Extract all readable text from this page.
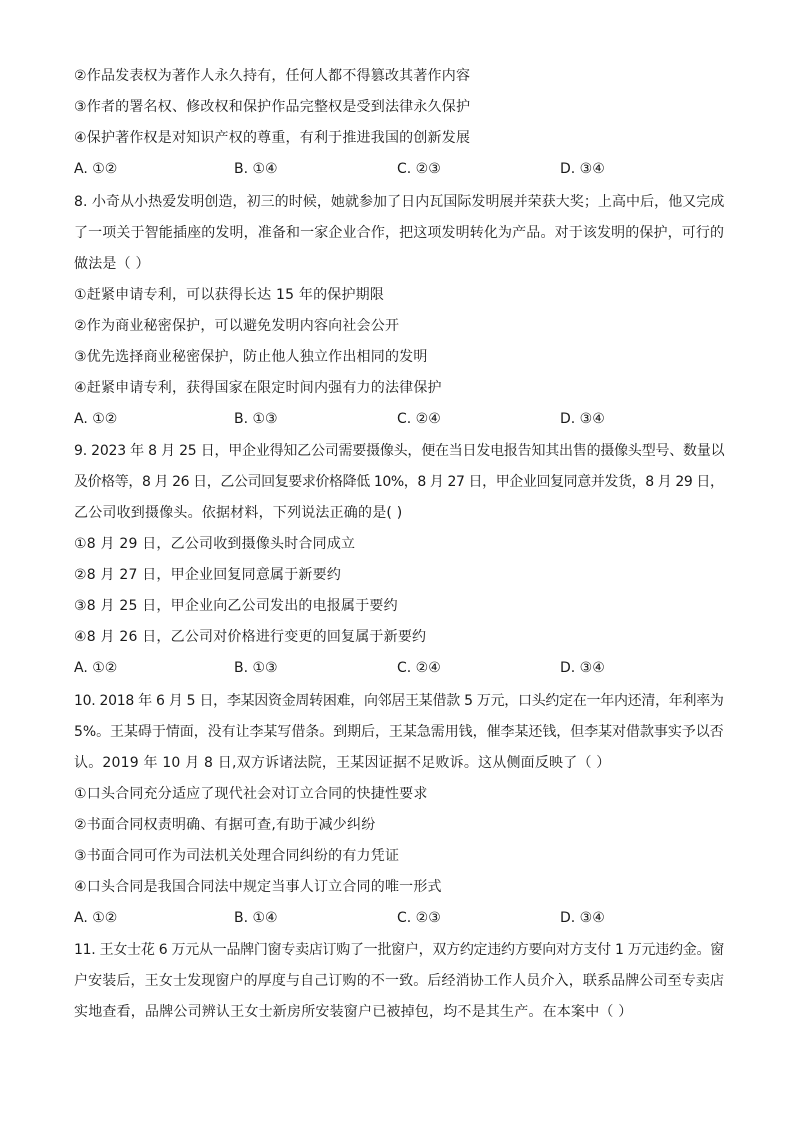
②作品发表权为著作人永久持有，任何人都不得篡改其著作内容
③作者的署名权、修改权和保护作品完整权是受到法律永久保护
④保护著作权是对知识产权的尊重，有利于推进我国的创新发展
A. ①②	B. ①④	C. ②③	D. ③④
8. 小奇从小热爱发明创造，初三的时候，她就参加了日内瓦国际发明展并荣获大奖；上高中后，他又完成
了一项关于智能插座的发明，准备和一家企业合作，把这项发明转化为产品。对于该发明的保护，可行的
做法是（ ）
①赶紧申请专利，可以获得长达 15 年的保护期限
②作为商业秘密保护，可以避免发明内容向社会公开
③优先选择商业秘密保护，防止他人独立作出相同的发明
④赶紧申请专利，获得国家在限定时间内强有力的法律保护
A. ①②	B. ①③	C. ②④	D. ③④
9. 2023 年 8 月 25 日，甲企业得知乙公司需要摄像头，便在当日发电报告知其出售的摄像头型号、数量以
及价格等，8 月 26 日，乙公司回复要求价格降低 10%，8 月 27 日，甲企业回复同意并发货，8 月 29 日，
乙公司收到摄像头。依据材料，下列说法正确的是( )
①8 月 29 日，乙公司收到摄像头时合同成立
②8 月 27 日，甲企业回复同意属于新要约
③8 月 25 日，甲企业向乙公司发出的电报属于要约
④8 月 26 日，乙公司对价格进行变更的回复属于新要约
A. ①②	B. ①③	C. ②④	D. ③④
10. 2018 年 6 月 5 日，李某因资金周转困难，向邻居王某借款 5 万元，口头约定在一年内还清，年利率为
5%。王某碍于情面，没有让李某写借条。到期后，王某急需用钱，催李某还钱，但李某对借款事实予以否
认。2019 年 10 月 8 日,双方诉诸法院，王某因证据不足败诉。这从侧面反映了（ ）
①口头合同充分适应了现代社会对订立合同的快捷性要求
②书面合同权责明确、有据可查,有助于减少纠纷
③书面合同可作为司法机关处理合同纠纷的有力凭证
④口头合同是我国合同法中规定当事人订立合同的唯一形式
A. ①②	B. ①④	C. ②③	D. ③④
11. 王女士花 6 万元从一品牌门窗专卖店订购了一批窗户，双方约定违约方要向对方支付 1 万元违约金。窗
户安装后，王女士发现窗户的厚度与自己订购的不一致。后经消协工作人员介入，联系品牌公司至专卖店
实地查看，品牌公司辨认王女士新房所安装窗户已被掉包，均不是其生产。在本案中（ ）
